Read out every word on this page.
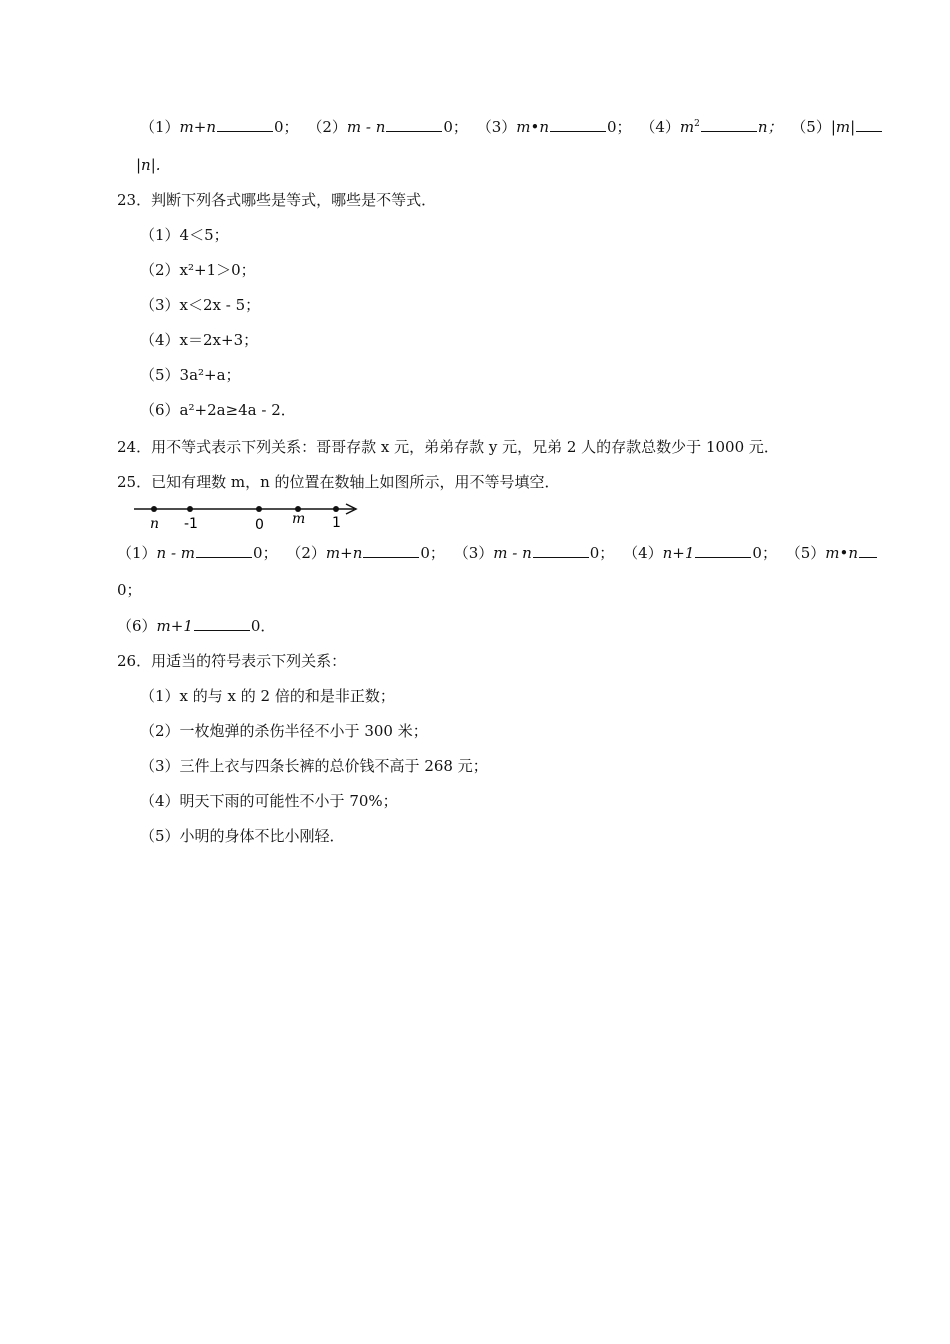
（1）m+n	0； （2）m - n	0； （3）m•n	0； $(4)m^2$	n； （5）|m|
|n|.
23．判断下列各式哪些是等式，哪些是不等式．
（1）4＜5；
（2）x²+1＞0；
（3）x＜2x - 5；
（4）x＝2x+3；
（5）3a²+a；
（6）a²+2a≥4a - 2．
24．用不等式表示下列关系：哥哥存款 x 元，弟弟存款 y 元，兄弟 2 人的存款总数少于 1000 元．
25．已知有理数 m，n 的位置在数轴上如图所示，用不等号填空．
n -1	0 m 1
（1）n - m	0； （2）m+n	0； （3）m - n	0； （4）n+1	0； （5）m•n
0；
（6）m+1	0．
26．用适当的符号表示下列关系：
（1）x 的与 x 的 2 倍的和是非正数；
（2）一枚炮弹的杀伤半径不小于 300 米；
（3）三件上衣与四条长裤的总价钱不高于 268 元；
（4）明天下雨的可能性不小于 70%；
（5）小明的身体不比小刚轻．
